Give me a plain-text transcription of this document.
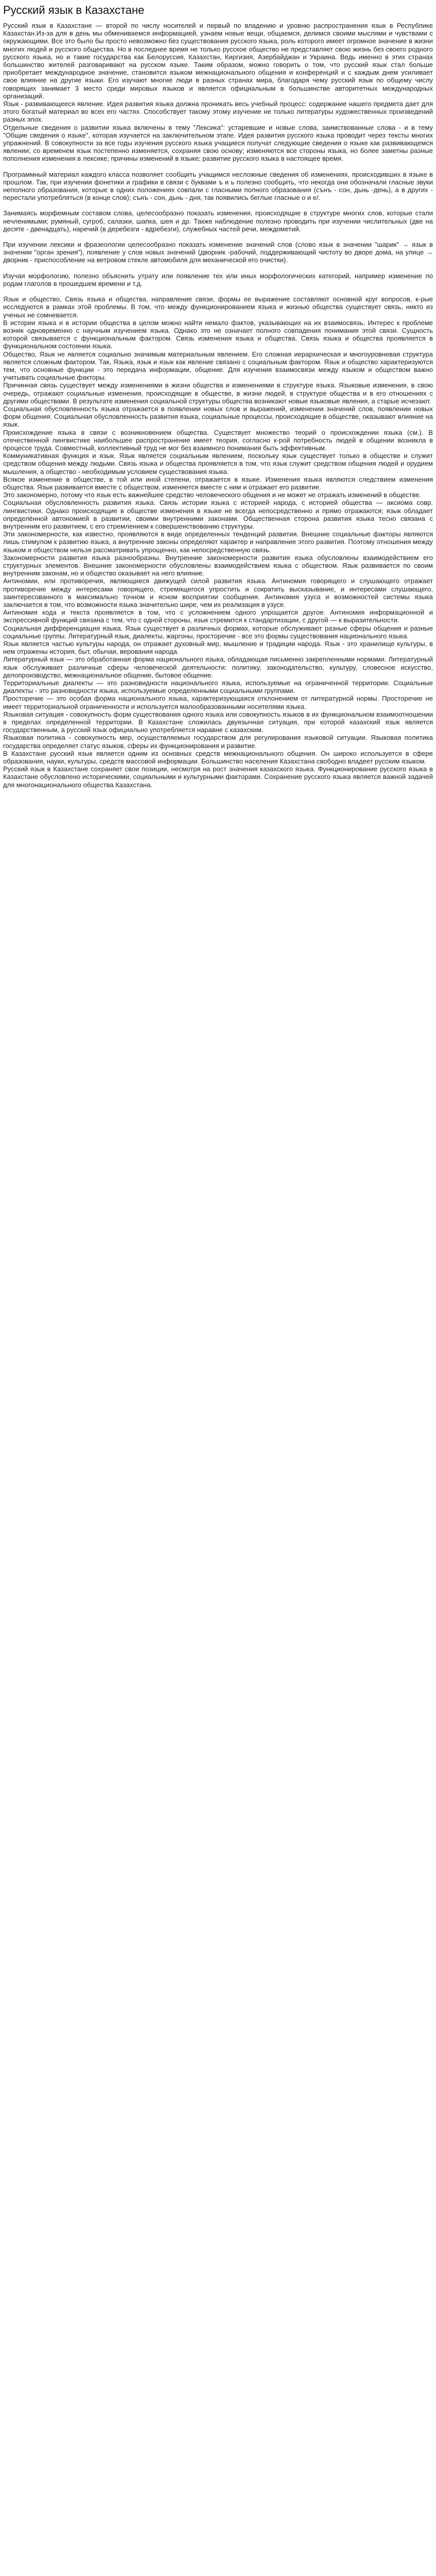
Русский язык в Казахстане

Русский язык в Казахстане — второй по числу носителей и первый по владению и уровню распространения язык в Республике Казахстан.Из-за для в день мы обмениваемся информацией, узнаем новые вещи, общаемся, делимся своими мыслями и чувствами с окружающими. Все это было бы просто невозможно без существования русского языка, роль которого имеет огромное значение в жизни многих людей и русского общества. Но в последнее время не только русское общество не представляет свою жизнь без своего родного русского языка, но и такие государства как Белоруссия, Казахстан, Киргизия, Азербайджан и Украина. Ведь именно в этих странах большинство жителей разговаривают на русском языке. Таким образом, можно говорить о том, что русский язык стал больше приобретает международное значение, становится языком межнационального общения и конференций и с каждым днем усиливает свое влияние на другие языки. Его изучают многие люди в разных странах мира, благодаря чему русский язык по общему числу говорящих занимает 3 место среди мировых языков и является официальным в большинстве авторитетных международных организаций.
Язык - развивающееся явление. Идея развития языка должна проникать весь учебный процесс: содержание нашего предмета дает для этого богатый материал во всех его частях. Способствует такому этому изучение не только литературы художественных произведений разных эпох.
Отдельные сведения о развитии языка включены в тему "Лексика": устаревшие и новые слова, заимствованные слова - и в тему "Общие сведения о языке", которая изучается на заключительном этапе. Идея развития русского языка проводит через тексты многих упражнений. В совокупности за все годы изучения русского языка учащиеся получат следующие сведения о языке как развивающемся явлении; со временем язык постепенно изменяется, сохраняя свою основу; изменяются все стороны языка, но более заметны разные пополнения изменения в лексике; причины изменений в языке; развитие русского языка в настоящее время.

Программный материал каждого класса позволяет сообщить учащимся несложные сведения об изменениях, происходивших в языке в прошлом. Так, при изучении фонетики и графики в связи с буквами ъ и ь полезно сообщить, что некогда они обозначали гласные звуки неполного образования, которые в одних положениях совпали с гласными полного образования (сънъ - сон, дьнь -день), а в других - перестали употребляться (в конце слов); сънъ - сон, дьнь - дня, так появились беглые гласные о и е/.

Занимаясь морфемным составом слова, целесообразно показать изменения, происходящие в структуре многих слов, которые стали нечленимыми; румяный, сугроб, салазки, шапка, шея и др. Также наблюдение полезно проводить при изучении числительных (две на десяте - двенадцать), наречий (в деребезги - вдребезги), служебных частей речи, междометий.

При изучении лексики и фразеологии целесообразно показать изменение значений слов (слово язык в значении "шарик" → язык в значении "орган зрения"), появление у слов новых значений (дворник -рабочий, поддерживающий чистоту во дворе дома, на улице → дворник - приспособление на ветровом стекле автомобиля для механической его очистки).

Изучая морфологию, полезно объяснить утрату или появление тех или иных морфологических категорий, например изменение по родам глаголов в прошедшем времени и т.д.

Язык и общество, Связь языка и общества, направление связи, формы ее выражение составляют основной круг вопросов, к-рые исследуются в рамках этой проблемы. В том, что между функционированием языка и жизнью общества существует связь, никто из ученых не сомневается.
В истории языка и в истории общества в целом можно найти немало фактов, указывающих на их взаимосвязь. Интерес к проблеме возник одновременно с научным изучением языка. Однако это не означает полного совпадения понимания этой связи. Сущность которой связывается с функциональным фактором. Связь изменения языка и общества. Связь языка и общества проявляется в функциональном состоянии языка.
Общество, Язык не является социально значимым материальным явлением. Его сложная иерархическая и многоуровневая структура является сложным фактором. Так, Языка, язык и язык как явление связано с социальным фактором. Язык и общество характеризуются тем, что основные функции - это передача информации, общение. Для изучения взаимосвязи между языком и обществом важно учитывать социальные факторы.
Причинная связь существует между изменениями в жизни общества и изменениями в структуре языка. Языковые изменения, в свою очередь, отражают социальные изменения, происходящие в обществе, в жизни людей, в структуре общества и в его отношениях с другими обществами. В результате изменения социальной структуры общества возникают новые языковые явления, а старые исчезают.
Социальная обусловленность языка отражается в появлении новых слов и выражений, изменении значений слов, появлении новых форм общения. Социальная обусловленность развития языка, социальные процессы, происходящие в обществе, оказывают влияние на язык.
Происхождение языка в связи с возникновением общества. Существует множество теорий о происхождении языка (см.). В отечественной лингвистике наибольшее распространение имеет теория, согласно к-рой потребность людей в общении возникла в процессе труда. Совместный, коллективный труд не мог без взаимного понимания быть эффективным.
Коммуникативная функция и язык. Язык является социальным явлением, поскольку язык существует только в обществе и служит средством общения между людьми. Связь языка и общества проявляется в том, что язык служит средством общения людей и орудием мышления, а общество - необходимым условием существования языка.
Всякое изменение в обществе, в той или иной степени, отражается в языке. Изменения языка являются следствием изменения общества. Язык развивается вместе с обществом, изменяется вместе с ним и отражает его развитие.
Это закономерно, потому что язык есть важнейшее средство человеческого общения и не может не отражать изменений в обществе.

Социальная обусловленность развития языка. Связь истории языка с историей народа, с историей общества — аксиома совр. лингвистики. Однако происходящие в обществе изменения в языке не всегда непосредственно и прямо отражаются; язык обладает определённой автономией в развитии, своими внутренними законами. Общественная сторона развития языка тесно связана с внутренним его развитием, с его стремлением к совершенствованию структуры.
Эти закономерности, как известно, проявляются в виде определенных тенденций развития. Внешние социальные факторы являются лишь стимулом к развитию языка, а внутренние законы определяют характер и направление этого развития. Поэтому отношения между языком и обществом нельзя рассматривать упрощенно, как непосредственную связь.
Закономерности развития языка разнообразны. Внутренние закономерности развития языка обусловлены взаимодействием его структурных элементов. Внешние закономерности обусловлены взаимодействием языка с обществом. Язык развивается по своим внутренним законам, но и общество оказывает на него влияние.
Антиномии, или противоречия, являющиеся движущей силой развития языка. Антиномия говорящего и слушающего отражает противоречие между интересами говорящего, стремящегося упростить и сократить высказывание, и интересами слушающего, заинтересованного в максимально точном и ясном восприятии сообщения. Антиномия узуса и возможностей системы языка заключается в том, что возможности языка значительно шире, чем их реализация в узусе.
Антиномия кода и текста проявляется в том, что с усложнением одного упрощается другое. Антиномия информационной и экспрессивной функций связана с тем, что с одной стороны, язык стремится к стандартизации, с другой — к выразительности.
Социальная дифференциация языка. Язык существует в различных формах, которые обслуживают разные сферы общения и разные социальные группы. Литературный язык, диалекты, жаргоны, просторечие - все это формы существования национального языка.
Язык является частью культуры народа, он отражает духовный мир, мышление и традиции народа. Язык - это хранилище культуры, в нем отражены история, быт, обычаи, верования народа.
Литературный язык — это обработанная форма национального языка, обладающая письменно закрепленными нормами. Литературный язык обслуживает различные сферы человеческой деятельности: политику, законодательство, культуру, словесное искусство, делопроизводство, межнациональное общение, бытовое общение.
Территориальные диалекты — это разновидности национального языка, используемые на ограниченной территории. Социальные диалекты - это разновидности языка, используемые определенными социальными группами.
Просторечие — это особая форма национального языка, характеризующаяся отклонением от литературной нормы. Просторечие не имеет территориальной ограниченности и используется малообразованными носителями языка.
Языковая ситуация - совокупность форм существования одного языка или совокупность языков в их функциональном взаимоотношении в пределах определенной территории. В Казахстане сложилась двуязычная ситуация, при которой казахский язык является государственным, а русский язык официально употребляется наравне с казахским.
Языковая политика - совокупность мер, осуществляемых государством для регулирования языковой ситуации. Языковая политика государства определяет статус языков, сферы их функционирования и развитие.
В Казахстане русский язык является одним из основных средств межнационального общения. Он широко используется в сфере образования, науки, культуры, средств массовой информации. Большинство населения Казахстана свободно владеет русским языком.
Русский язык в Казахстане сохраняет свои позиции, несмотря на рост значения казахского языка. Функционирование русского языка в Казахстане обусловлено историческими, социальными и культурными факторами. Сохранение русского языка является важной задачей для многонационального общества Казахстана.
